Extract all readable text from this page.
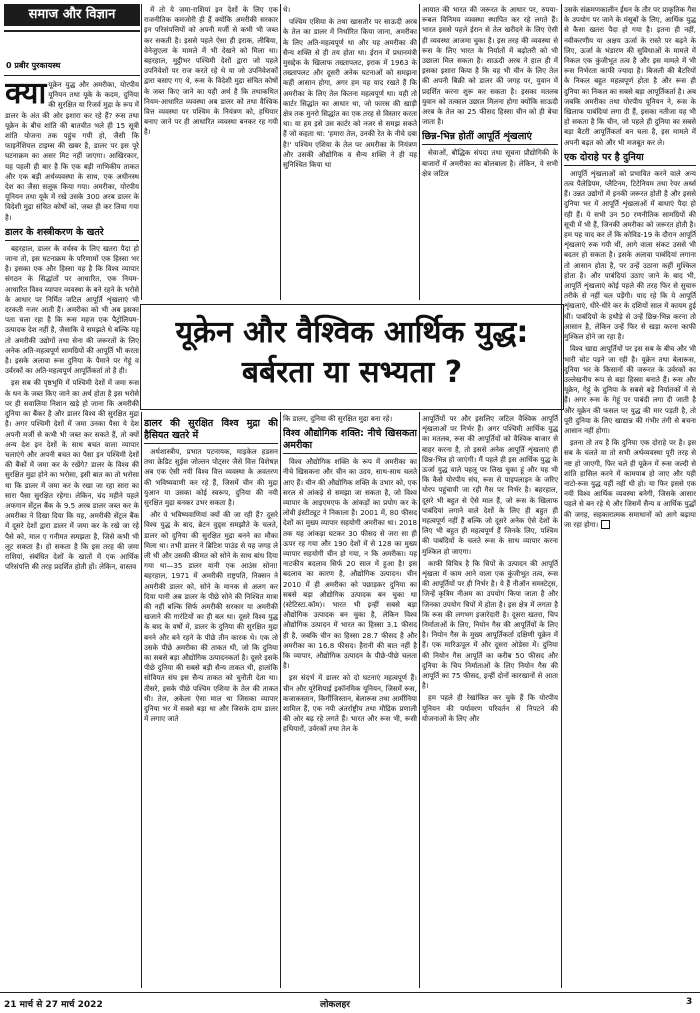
समाज और विज्ञान
0 प्रबीर पुरकायस्थ

क्या यूक्रेन युद्ध और अमरीका, योरपीय यूनियन तथा यूके के कदम, दुनिया की सुरक्षित या रिजर्व मुद्रा के रूप में डालर के अंत की ओर इशारा कर रहे हैं? रूस तथा यूक्रेन के बीच शांति की बातचीत भले ही 15 सूत्री शांति योजना तक पहुंच गयी हो, जैसी कि फाइनेंशियल टाइम्स की खबर है, डालर पर इस पूरे घटनाक्रम का असर मिट नहीं जाएगा। आखिरकार, यह पहली ही बार है कि एक बड़ी नाभिकीय ताकत और एक बड़ी अर्थव्यवस्था के साथ, एक अधीनस्थ देश का जैसा सलूक किया गया। अमरीका, योरपीय यूनियन तथा यूके में रखे उसके 300 अरब डालर के विदेशी मुद्रा संचित कोषों को, जब्त ही कर लिया गया है।

डालर के शस्त्रीकरण के खतरे

बहरहाल, डालर के वर्चस्व के लिए खतरा पैदा हो जाना तो, इस घटनाक्रम के परिणामों एक हिस्सा भर है। इसका एक और हिस्सा यह है कि विश्व व्यापार संगठन के सिद्धांतों पर आधारित, एक नियम-आधारित विश्व व्यापार व्यवस्था के बने रहने के भरोसे के आधार पर निर्मित जटिल आपूर्ति शृंखलाएं भी दरकती नजर आती हैं। अमरीका को भी अब इसका पता चला रहा है कि रूस महज एक पैट्रोलियम-उत्पादक देश नहीं है, जैसाकि वे समझते थे बल्कि यह तो अमरीकी उद्योगों तथा सेना की जरूरतों के लिए अनेक अति-महत्वपूर्ण सामग्रियों की आपूर्ति भी करता है। इसके अलावा रूस दुनिया के पैमाने पर गेहूं व उर्वरकों का अति-महत्वपूर्ण आपूर्तिकर्ता तो है ही।

इस सब की पृष्ठभूमि में पश्चिमी देशों में जमा रूस के धन के जब्त किए जाने का अर्थ होता है इस भरोसे पर ही सवालिया निशान खड़े हो जाना कि अमरीकी दुनिया का बैंकर है और डालर विश्व की सुरक्षित मुद्रा है। अगर पश्चिमी देशों में जमा उनका पैसा ये देश अपनी मर्जी से कभी भी जब्त कर सकते हैं, तो क्यों अन्य देश इन देशों के साथ बचत वाला व्यापार चलाएंगे और अपनी बचत का पैसा इन पश्चिमी देशों की बैंकों में जमा कर के रखेंगे? डालर के विश्व की सुरक्षित मुद्रा होने का भरोसा, इसी बात का तो भरोसा था कि डालर में जमा कर के रखा जा रहा सारा का सारा पैसा सुरक्षित रहेगा। लेकिन, चंद महीने पहले अफगान सेंट्रल बैंक के 9.5 अरब डालर जब्त कर के अमरीका ने दिखा दिया कि यह, अमरीकी सेंट्रल बैंक में दूसरे देशों द्वारा डालर में जमा कर के रखे जा रहे पैसे को, माल ए गनीमत समझता है, जिसे कभी भी लूट सकता है। हो सकता है कि इस तरह की जमा राशियां, संबंधित देशों के खातों में एक आर्थिक परिसंपत्ति की तरह प्रदर्शित होती हों। लेकिन, वास्तव

में तो ये जमा-राशियां इन देशों के लिए एक राजनीतिक कमजोरी ही हैं क्योंकि अमरीकी सरकार इन परिसंपत्तियों को अपनी मर्जी से कभी भी जब्त कर सकती है। इससे पहले ऐसा ही इराक, लीबिया, वेनेजुएला के मामले में भी देखने को मिला था। बहरहाल, मुट्ठीभर पश्चिमी देशों द्वारा जो पहले उपनिवेशों पर राज करते रहे थे या जो उपनिवेशकों द्वारा बसाए गए थे, रूस के विदेशी मुद्रा संचित कोषों के जब्त किए जाने का यही अर्थ है कि तथाकथित नियम-आधारित व्यवस्था अब डालर को तथा वैश्विक वित्त व्यवस्था पर पश्चिम के नियंत्रण को, हथियार बनाए जाने पर ही आधारित व्यवस्था बनकर रह गयी है।

थे।

पश्चिम एशिया के तथा खासतौर पर साऊदी अरब के तेल का डालर में निर्धारित किया जाना, अमरीका के लिए अति-महत्वपूर्ण था और यह अमरीका की सैन्य शक्ति से ही तय होता था। ईरान में प्रधानमंत्री मुसद्देक के खिलाफ तख्तापलट, इराक में 1963 के तख्तापलट और दूसरी अनेक घटनाओं को समझना कहीं आसान होगा, अगर हम यह याद रखते हैं कि अमरीका के लिए तेल कितना महत्वपूर्ण था। यही तो कार्टर सिद्धांत का आधार था, जो फारस की खाड़ी क्षेत्र तक मुनरो सिद्धांत का एक तरह से विस्तार करता था। या हम इसे उस कार्टर को नजर से समझ सकते हैं जो कहता था: 'हमारा तेल, उनकी रेत के नीचे दबा है!' पश्चिम एशिया के तेल पर अमरीका के नियंत्रण और उसकी औद्योगिक व सैन्य शक्ति ने ही यह सुनिश्चित किया था

आयात की भारत की जरूरत के आधार पर, रुपया-रूबल विनिमय व्यवस्था स्थापित कर रहे लगते हैं। भारत इससे पहले ईरान से तेल खरीदने के लिए ऐसी ही व्यवस्था आजमा चुका है। इस तरह की व्यवस्था से रूस के लिए भारत के निर्यातों में बढ़ोतरी को भी उछाला मिल सकता है। साऊदी अरब ने हाल ही में इसका इशारा किया है कि वह भी चीन के लिए तेल की अपनी बिक्री को डालर की जगह पर, युवान में प्रदर्शित करना शुरू कर सकता है। इसका मतलब युवान को तत्काल उछाल मिलना होगा क्योंकि साऊदी अरब के तेल का 25 फीसद हिस्सा चीन को ही बेचा जाता है।

छिन्न-भिन्न होतीं आपूर्ति शृंखलाएं

सेवाओं, बौद्धिक संपदा तथा सूचना प्रौद्योगिकी के बाजारों में अमरीका का बोलबाला है। लेकिन, ये सभी क्षेत्र जटिल

यूक्रेन और वैश्विक आर्थिक युद्ध:
बर्बरता या सभ्यता ?
डालर की सुरक्षित विश्व मुद्रा की हैसियत खतरे में

अर्थशास्त्रीय, प्रभात पटनायक, माइकेल हडसन तथा क्रेडिट सुईस जोल्तन पोट्सर जैसे वित्त विशेषज्ञ अब एक ऐसी नयी विश्व वित्त व्यवस्था के अवतरण की भविष्यवाणी कर रहे हैं, जिसमें चीन की मुद्रा युआन या उसका कोई स्वरूप, दुनिया की नयी सुरक्षित मुद्रा बनकर उभर सकता है।

और ये भविष्यवाणियां क्यों की जा रही हैं? दूसरे विश्व युद्ध के बाद, ब्रेटन वुड्स समझौते के चलते, डालर को दुनिया की सुरक्षित मुद्रा बनने का मौका मिला था। तभी डालर ने ब्रिटिश पाउंड से यह जगह ले ली थी और उसकी कीमत को सोने के साथ बांध दिया गया था—35 डालर यानी एक आउंस सोना! बहरहाल, 1971 में अमरीकी राष्ट्रपति, निक्सन ने अमरीकी डालर को, सोने के मानक से अलग कर दिया यानी अब डालर के पीछे सोने की निश्चित मात्रा की नहीं बल्कि सिर्फ अमरीकी सरकार या अमरीकी खजाने की गारंटियों का ही बल था। दूसरे विश्व युद्ध के बाद के वर्षों में, डालर के दुनिया की सुरक्षित मुद्रा बनने और बने रहने के पीछे तीन कारक थे। एक तो उसके पीछे अमरीका की ताकत थी, जो कि दुनिया का सबसे बड़ा औद्योगिक उत्पादनकर्ता है। दूसरे इसके पीछे दुनिया की सबसे बड़ी सैन्य ताकत थी, हालांकि सोवियत संघ इस सैन्य ताकत को चुनौती देता था। तीसरे, इसके पीछे पश्चिम एशिया के तेल की ताकत थी। तेल, अकेला ऐसा माल था जिसका व्यापार दुनिया भर में सबसे बड़ा था और जिसके दाम डालर में लगाए जाते

कि डालर, दुनिया की सुरक्षित मुद्रा बना रहे।

विश्व औद्योगिक शक्ति: नीचे खिसकता अमरीका

विश्व औद्योगिक शक्ति के रूप में अमरीका का नीचे खिसकना और चीन का उदय, साथ-साथ चलते आए हैं। चीन की औद्योगिक शक्ति के उभार को, एक सरल से आंकड़े से समझा जा सकता है, जो विश्व व्यापार के आइएमएफ के आंकड़ों का प्रयोग कर के लोवी इंस्टीट्यूट ने निकाला है। 2001 में, 80 फीसद देशों का मुख्य व्यापार सहयोगी अमरीका था। 2018 तक यह आंकड़ा घटकर 30 फीसद से जरा सा ही ऊपर रह गया और 190 देशों में से 128 का मुख्य व्यापार सहयोगी चीन हो गया, न कि अमरीका। यह नाटकीय बदलाव सिर्फ 20 साल में हुआ है! इस बदलाव का कारण है, औद्योगिक उत्पादन। चीन 2010 में ही अमरीका को पछाड़कर दुनिया का सबसे बड़ा औद्योगिक उत्पादक बन चुका था (स्टेटिस्टा.कॉम)। भारत भी इन्हीं सबसे बड़ा औद्योगिक उत्पादक बन चुका है, लेकिन विश्व औद्योगिक उत्पादन में भारत का हिस्सा 3.1 फीसद ही है, जबकि चीन का हिस्सा 28.7 फीसद है और अमरीका का 16.8 फीसद। हैरानी की बात नहीं है कि व्यापार, औद्योगिक उत्पादन के पीछे-पीछे चलता है।

इस संदर्भ में डालर को दो घटनाएं महत्वपूर्ण हैं। चीन और यूरेशियाई इकॉनमिक यूनियन, जिसमें रूस, कजाकस्तान, किर्गीजिस्तान, बेलारूस तथा आर्मीनिया शामिल हैं, एक नयी अंतर्राष्ट्रीय तथा मौद्रिक प्रणाली की ओर बढ़ रहे लगते हैं। भारत और रूस भी, रूसी हथियारों, उर्वरकों तथा तेल के

आपूर्तियों पर और इसलिए जटिल वैश्विक आपूर्ति शृंखलाओं पर निर्भर हैं। अगर पश्चिमी आर्थिक युद्ध का मतलब, रूस की आपूर्तियों को वैश्विक बाजार से बाहर करना है, तो इससे अनेक आपूर्ति शृंखलाएं ही छिन्न-भिन्न हो जाएंगी। मैं पहले ही इस आर्थिक युद्ध के ऊर्जा युद्ध वाले पहलू पर लिख चुका हूं और यह भी कि कैसे योरपीय संघ, रूस से पाइपलाइन के जरिए योरप पहुंचायी जा रही गैस पर निर्भर है। बहरहाल, दूसरे भी बहुत से ऐसे माल हैं, जो रूस के खिलाफ पाबंदियां लगाने वाले देशों के लिए ही बहुत ही महत्वपूर्ण नहीं हैं बल्कि जो दूसरे अनेक ऐसे देशों के लिए भी बहुत ही महत्वपूर्ण हैं जिनके लिए, पश्चिम की पाबंदियों के चलते रूस के साथ व्यापार करना मुश्किल हो जाएगा।

काफी विचित्र है कि चिपों के उत्पादन की आपूर्ति शृंखला में काम आने वाला एक कुंजीभूत तत्व, रूस की आपूर्तियों पर ही निर्भर है। ये हैं नीऑन समस्टेट्स, जिन्हें कृत्रिम नीअम का उपयोग किया जाता है और जिनका उपयोग चिपों में होता है। इस क्षेत्र में लगता है कि रूस की लगभग इजारेदारी है। दूसरा खतरा, चिप निर्माताओं के लिए, नियोन गैस की आपूर्तियों के लिए है। नियोन गैस के मुख्य आपूर्तिकर्ता दक्षिणी यूक्रेन में हैं। एक मारिऊपूल में और दूसरा ओडेसा में। दुनिया की नियोन गैस आपूर्ति का करीब 50 फीसद और दुनिया के चिप निर्माताओं के लिए नियोन गैस की आपूर्ति का 75 फीसद, इन्हीं दोनों कारखानों से आता है।

हम पहले ही रेखांकित कर चुके हैं कि योरपीय यूनियन की पर्यावरण परिवर्तन से निपटने की योजनाओं के लिए और

उसके संक्रमणकालीन ईंधन के तौर पर प्राकृतिक गैस के उपयोग पर जाने के मंसूबों के लिए, आर्थिक युद्ध से कैसा खतरा पैदा हो गया है। इतना ही नहीं, नवीकरणीय या अक्षय ऊर्जा के रास्ते पर बढ़ने के लिए, ऊर्जा के भंडारण की सुविधाओं के मामले में निकल एक कुंजीभूत तत्व है और इस मामले में भी रूस निर्भरता काफी ज्यादा है। बिजली की बैटरियों के निकल बहुत महत्वपूर्ण होता है और रूस ही दुनिया का निकल का सबसे बड़ा आपूर्तिकर्ता है। अब जबकि अमरीका तथा योरपीय यूनियन ने, रूस के खिलाफ पाबंदियां लगा दी हैं, इसका नतीजा यह भी हो सकता है कि चीन, जो पहले ही दुनिया का सबसे बड़ा बैटरी आपूर्तिकर्ता बन चला है, इस मामले में अपनी बढ़त को और भी मजबूत कर ले।

एक दोराहे पर है दुनिया

आपूर्ति शृंखलाओं को प्रभावित करने वाले अन्य तत्व पैलेडियम, प्लैटिनम, टिटेनियम तथा रेयर अर्थ्स हैं। उन्नत उद्योगों में इनकी जरूरत होती है और इससे दुनिया भर में आपूर्ति शृंखलाओं में बाधाएं पैदा हो रही हैं। ये सभी उन 50 रणनीतिक सामग्रियों की सूची में भी हैं, जिनकी अमरीका को जरूरत होती है। हम यह याद कर लें कि कोविड-19 के दौरान आपूर्ति शृंखलाएं रुक गयी थीं, आगे वाला संकट उससे भी बदतर हो सकता है। इसके अलावा पाबंदियां लगाना तो आसान होता है, पर उन्हें उठाना कहीं मुश्किल होता है। और पाबंदियां उठाए जाने के बाद भी, आपूर्ति शृंखलाएं कोई पहले की तरह फिर से सुचारु तरीके से नहीं चल पड़ेंगी। याद रहे कि ये आपूर्ति शृंखलाएं, धीरे-धीरे कर के दशियों साल में कायम हुई थीं। पाबंदियों के हथौड़े से उन्हें छिन्न-भिन्न करना तो आसान है, लेकिन उन्हें फिर से खड़ा करना काफी मुश्किल होने जा रहा है।

विश्व खाद्य आपूर्तियों पर इस सब के बीच और भी भारी चोट पड़ने जा रही है। यूक्रेन तथा बेलारूस, दुनिया भर के किसानों की जरूरत के उर्वरकों का उल्लेखनीय रूप से बड़ा हिस्सा बनाते हैं। रूस और यूक्रेन, गेहूं के दुनिया के सबसे बड़े निर्यातकों में से हैं। अगर रूस के गेहूं पर पाबंदी लगा दी जाती है और यूक्रेन की फसल पर युद्ध की मार पड़ती है, तो पूरी दुनिया के लिए खाद्यान्न की गंभीर तंगी से बचना आसान नहीं होगा।

इतना तो तय है कि दुनिया एक दोराहे पर है। इस सब के चलते या तो सभी अर्थव्यवस्था पूरी तरह से नष्ट हो जाएगी, फिर चले ही यूक्रेन में रूस जल्दी से शांति हासिल करने में कामयाब हो जाए और यही नाटो-रूस युद्ध यहीं नहीं थी हो। या फिर इससे एक नयी विश्व आर्थिक व्यवस्था बनेगी, जिसके आसार पहले से बन रहे थे और जिसमें सैन्य व आर्थिक युद्धों की जगह, सहकारात्मक समाधानों को आगे बढ़ाया जा रहा होगा।

21 मार्च से 27 मार्च 2022	लोकलहर	3
